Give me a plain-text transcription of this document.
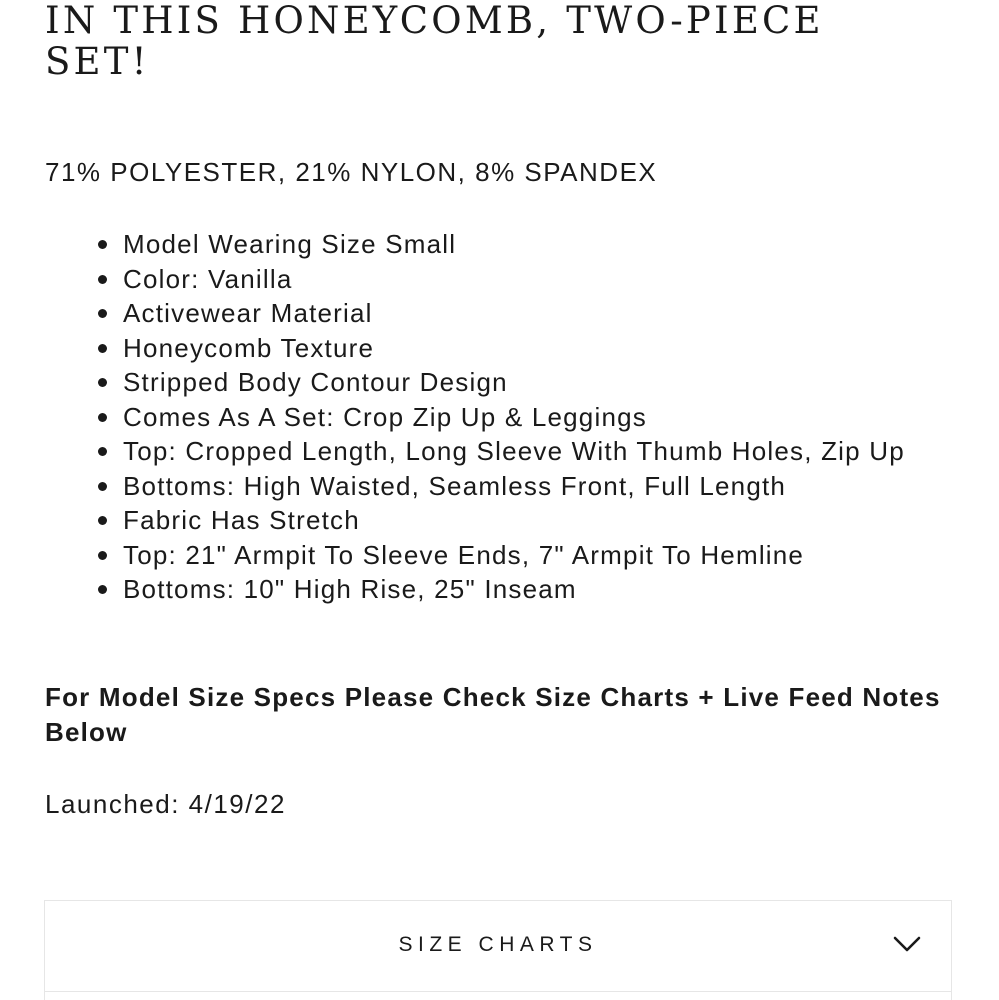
IN THIS HONEYCOMB, TWO-PIECE
SET!

71% POLYESTER, 21% NYLON, 8% SPANDEX

Model Wearing Size Small
Color: Vanilla
Activewear Material
Honeycomb Texture
Stripped Body Contour Design
Comes As A Set: Crop Zip Up & Leggings
Top: Cropped Length, Long Sleeve With Thumb Holes, Zip Up
Bottoms: High Waisted, Seamless Front, Full Length
Fabric Has Stretch
Top: 21" Armpit To Sleeve Ends, 7" Armpit To Hemline
Bottoms: 10" High Rise, 25" Inseam

For Model Size Specs Please Check Size Charts + Live Feed Notes Below

Launched: 4/19/22

SIZE CHARTS
